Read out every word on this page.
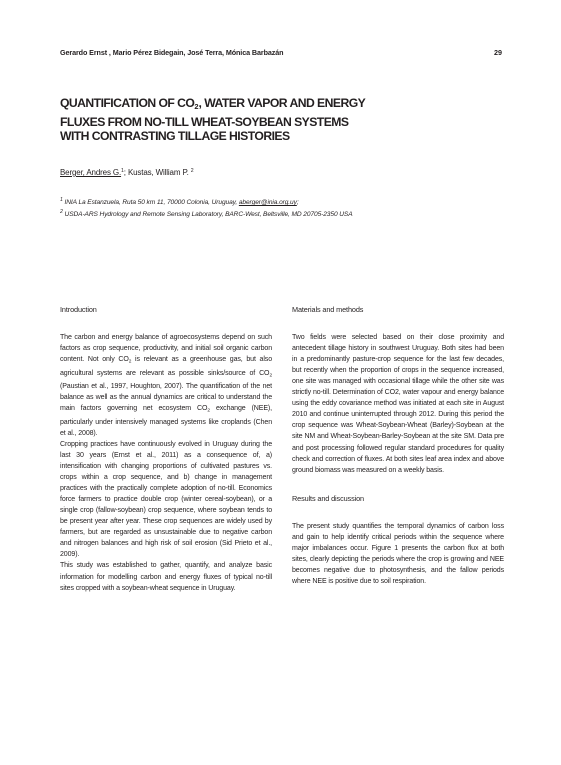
Gerardo Ernst , Mario Pérez Bidegain, José Terra, Mónica Barbazán	29
QUANTIFICATION OF $CO_2$, WATER VAPOR AND ENERGY
FLUXES FROM NO-TILL WHEAT-SOYBEAN SYSTEMS
WITH CONTRASTING TILLAGE HISTORIES
Berger, Andres G.$^1$; Kustas, William P. $^2$
$^1$ INIA La Estanzuela, Ruta 50 km 11, 70000 Colonia, Uruguay, aberger@inia.org.uy;
$^2$ USDA-ARS Hydrology and Remote Sensing Laboratory, BARC-West, Beltsville, MD 20705-2350 USA
Introduction

The carbon and energy balance of agroecosystems depend on such factors as crop sequence, productivity, and initial soil organic carbon content. Not only $CO_2$ is relevant as a greenhouse gas, but also agricultural systems are relevant as possible sinks/source of $CO_2$ (Paustian et al., 1997, Houghton, 2007). The quantification of the net balance as well as the annual dynamics are critical to understand the main factors governing net ecosystem $CO_2$ exchange (NEE), particularly under intensively managed systems like croplands (Chen et al., 2008).

Cropping practices have continuously evolved in Uruguay during the last 30 years (Ernst et al., 2011) as a consequence of, a) intensification with changing proportions of cultivated pastures vs. crops within a crop sequence, and b) change in management practices with the practically complete adoption of no-till. Economics force farmers to practice double crop (winter cereal-soybean), or a single crop (fallow-soybean) crop sequence, where soybean tends to be present year after year. These crop sequences are widely used by farmers, but are regarded as unsustainable due to negative carbon and nitrogen balances and high risk of soil erosion (Sid Prieto et al., 2009).

This study was established to gather, quantify, and analyze basic information for modelling carbon and energy fluxes of typical no-till sites cropped with a soybean-wheat sequence in Uruguay.

Materials and methods

Two fields were selected based on their close proximity and antecedent tillage history in southwest Uruguay. Both sites had been in a predominantly pasture-crop sequence for the last few decades, but recently when the proportion of crops in the sequence increased, one site was managed with occasional tillage while the other site was strictly no-till. Determination of CO2, water vapour and energy balance using the eddy covariance method was initiated at each site in August 2010 and continue uninterrupted through 2012. During this period the crop sequence was Wheat-Soybean-Wheat (Barley)-Soybean at the site NM and Wheat-Soybean-Barley-Soybean at the site SM. Data pre and post processing followed regular standard procedures for quality check and correction of fluxes. At both sites leaf area index and above ground biomass was measured on a weekly basis.

Results and discussion

The present study quantifies the temporal dynamics of carbon loss and gain to help identify critical periods within the sequence where major imbalances occur. Figure 1 presents the carbon flux at both sites, clearly depicting the periods where the crop is growing and NEE becomes negative due to photosynthesis, and the fallow periods where NEE is positive due to soil respiration.
